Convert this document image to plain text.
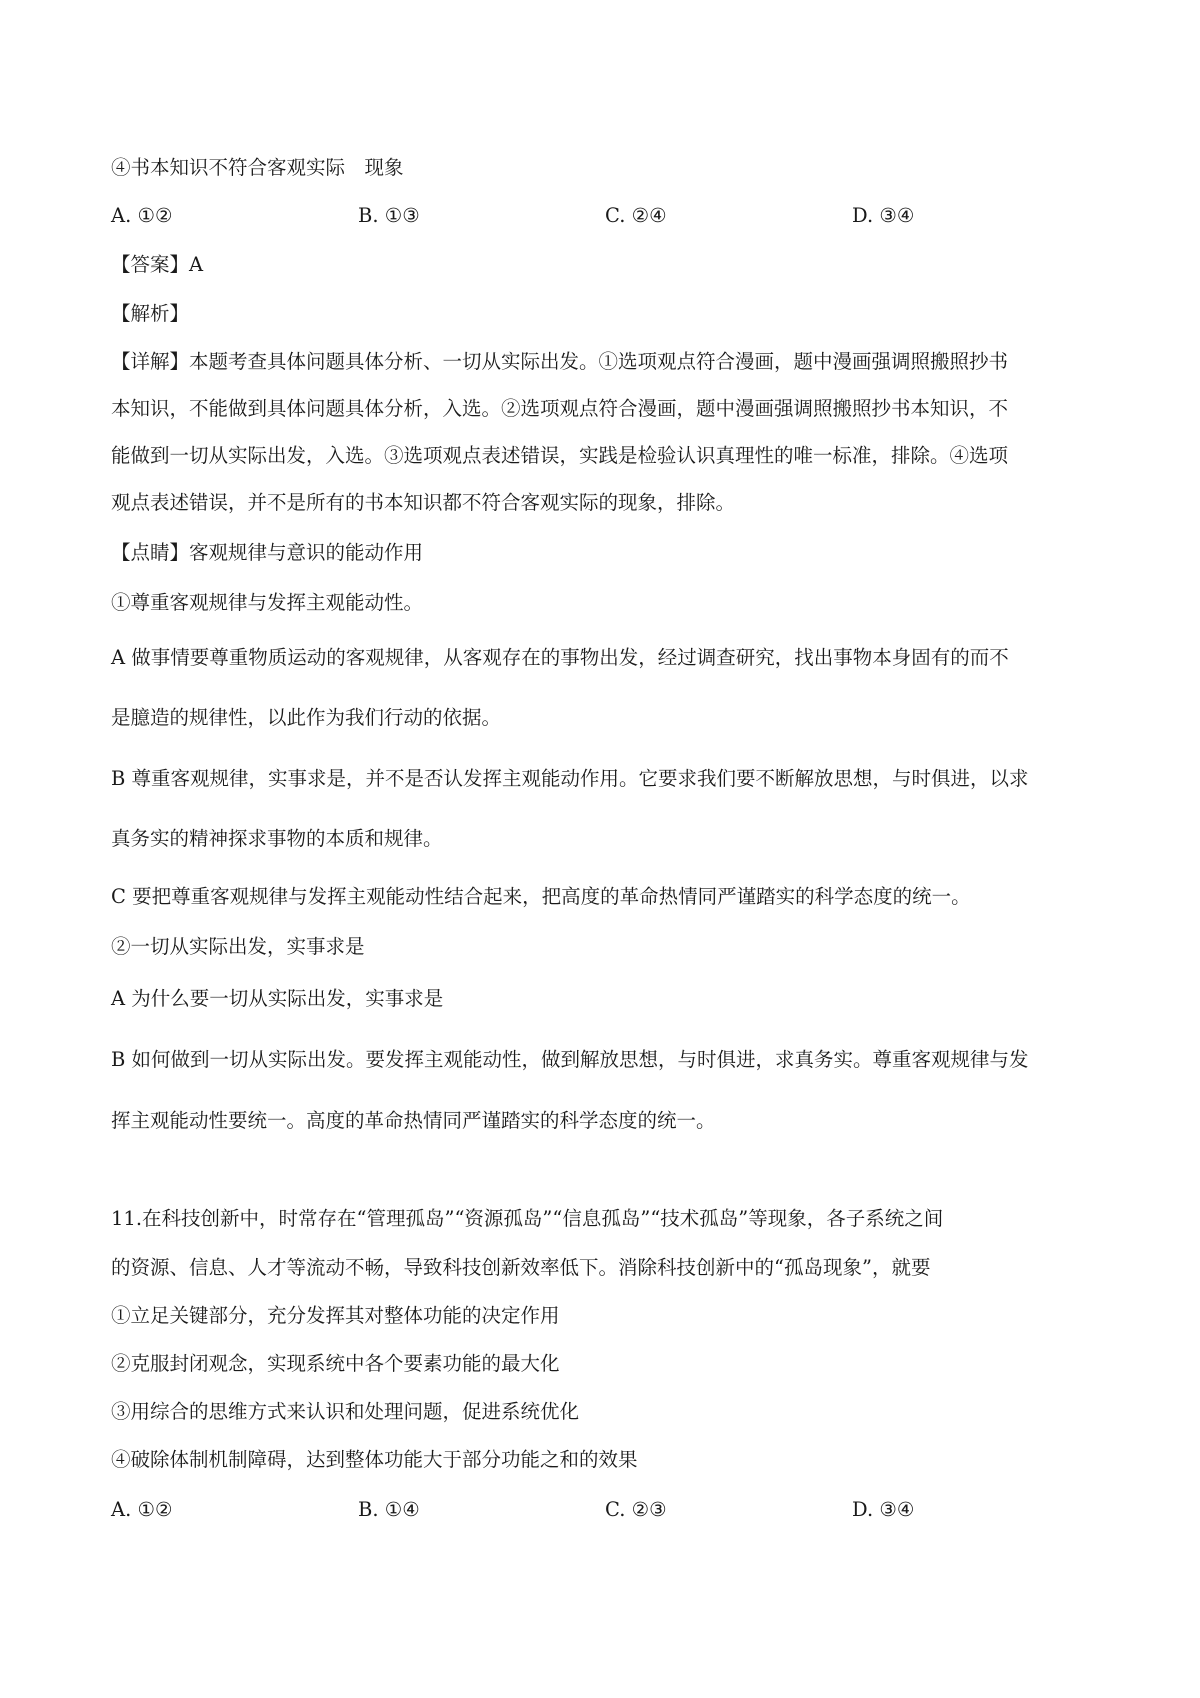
④书本知识不符合客观实际　现象
A. ①②	B. ①③	C. ②④	D. ③④
【答案】A
【解析】
【详解】本题考查具体问题具体分析、一切从实际出发。①选项观点符合漫画，题中漫画强调照搬照抄书
本知识，不能做到具体问题具体分析，入选。②选项观点符合漫画，题中漫画强调照搬照抄书本知识，不
能做到一切从实际出发，入选。③选项观点表述错误，实践是检验认识真理性的唯一标准，排除。④选项
观点表述错误，并不是所有的书本知识都不符合客观实际的现象，排除。
【点睛】客观规律与意识的能动作用
①尊重客观规律与发挥主观能动性。
A 做事情要尊重物质运动的客观规律，从客观存在的事物出发，经过调查研究，找出事物本身固有的而不
是臆造的规律性，以此作为我们行动的依据。
B 尊重客观规律，实事求是，并不是否认发挥主观能动作用。它要求我们要不断解放思想，与时俱进，以求
真务实的精神探求事物的本质和规律。
C 要把尊重客观规律与发挥主观能动性结合起来，把高度的革命热情同严谨踏实的科学态度的统一。
②一切从实际出发，实事求是
A 为什么要一切从实际出发，实事求是
B 如何做到一切从实际出发。要发挥主观能动性，做到解放思想，与时俱进，求真务实。尊重客观规律与发
挥主观能动性要统一。高度的革命热情同严谨踏实的科学态度的统一。
11.在科技创新中，时常存在“管理孤岛”“资源孤岛”“信息孤岛”“技术孤岛”等现象，各子系统之间
的资源、信息、人才等流动不畅，导致科技创新效率低下。消除科技创新中的“孤岛现象”，就要
①立足关键部分，充分发挥其对整体功能的决定作用
②克服封闭观念，实现系统中各个要素功能的最大化
③用综合的思维方式来认识和处理问题，促进系统优化
④破除体制机制障碍，达到整体功能大于部分功能之和的效果
A. ①②	B. ①④	C. ②③	D. ③④
